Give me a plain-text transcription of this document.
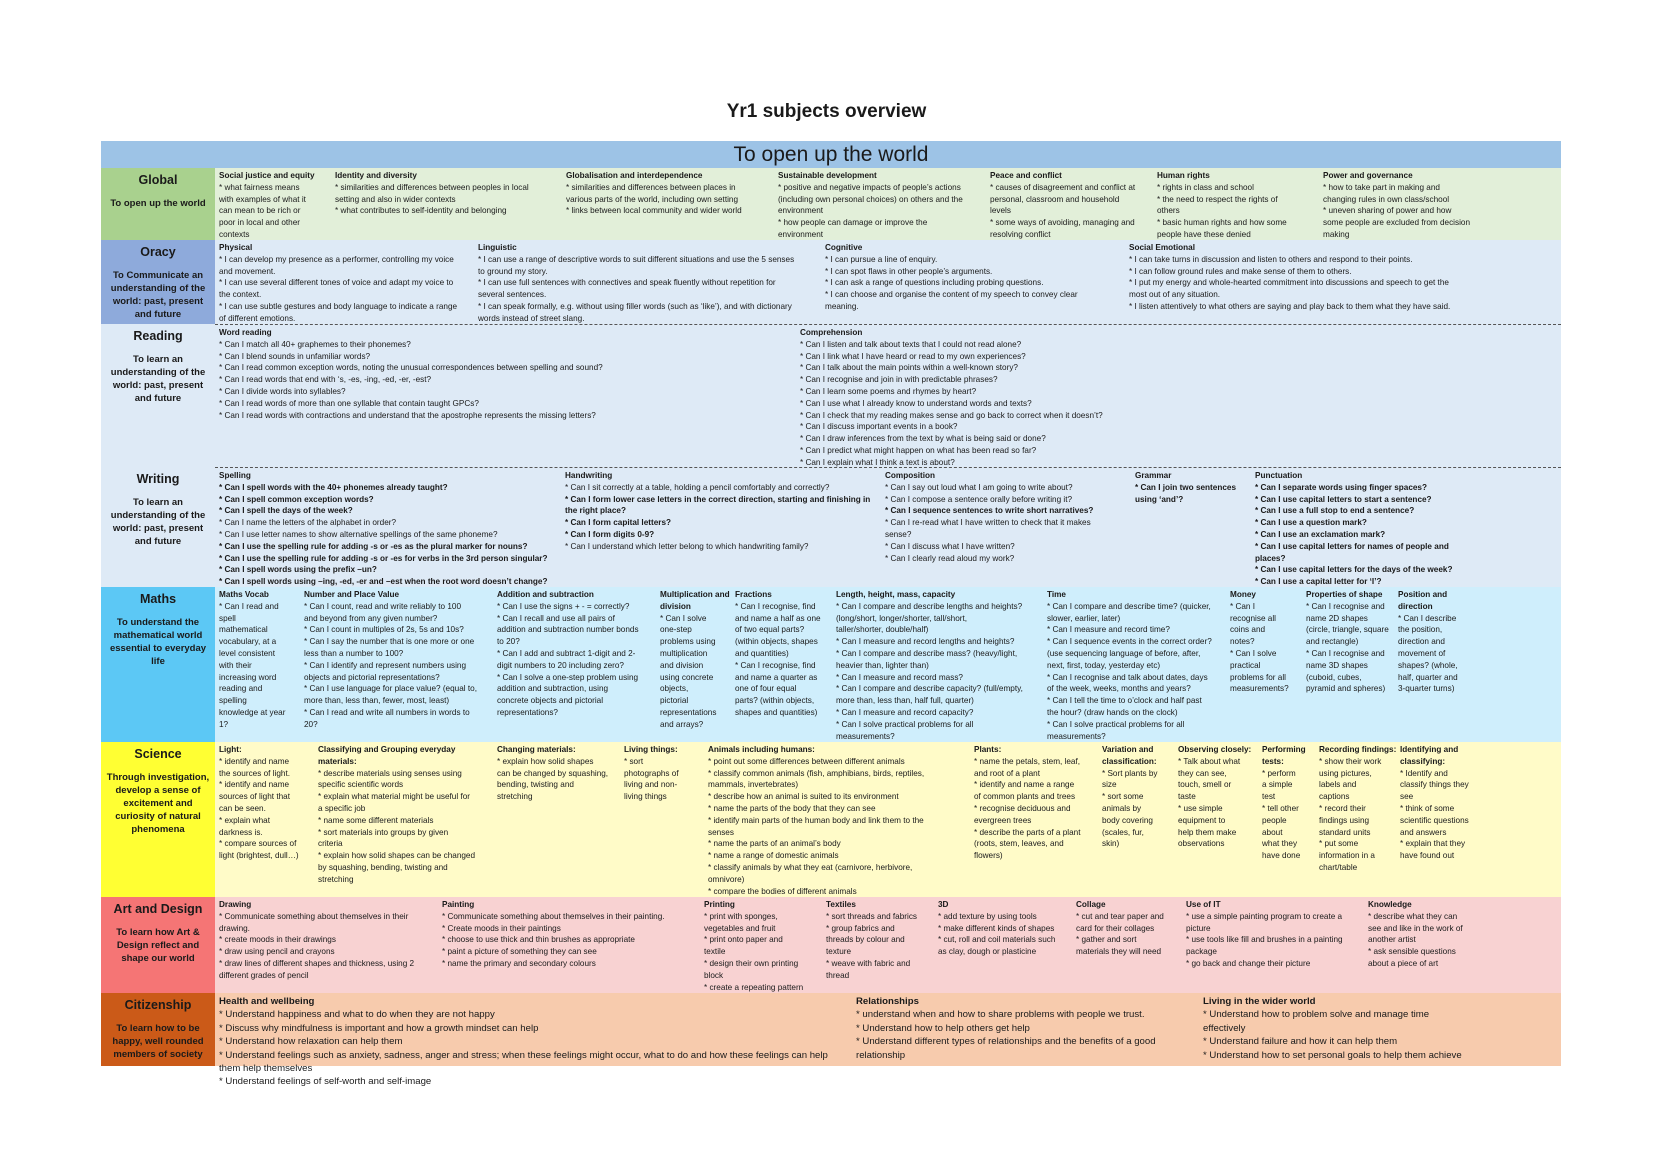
Yr1 subjects overview
To open up the world
Global
To open up the world
Social justice and equity
* what fairness means
with examples of what it
can mean to be rich or
poor in local and other
contexts
Identity and diversity
* similarities and differences between peoples in local
setting and also in wider contexts
* what contributes to self-identity and belonging
Globalisation and interdependence
* similarities and differences between places in
various parts of the world, including own setting
* links between local community and wider world
Sustainable development
* positive and negative impacts of people’s actions
(including own personal choices) on others and the
environment
* how people can damage or improve the
environment
Peace and conflict
* causes of disagreement and conflict at
personal, classroom and household
levels
* some ways of avoiding, managing and
resolving conflict
Human rights
* rights in class and school
* the need to respect the rights of
others
* basic human rights and how some
people have these denied
Power and governance
* how to take part in making and
changing rules in own class/school
* uneven sharing of power and how
some people are excluded from decision
making
Oracy
To Communicate an understanding of the world: past, present and future
Physical
* I can develop my presence as a performer, controlling my voice
and movement.
* I can use several different tones of voice and adapt my voice to
the context.
* I can use subtle gestures and body language to indicate a range
of different emotions.
Linguistic
* I can use a range of descriptive words to suit different situations and use the 5 senses
to ground my story.
* I can use full sentences with connectives and speak fluently without repetition for
several sentences.
* I can speak formally, e.g. without using filler words (such as ‘like’), and with dictionary
words instead of street slang.
Cognitive
* I can pursue a line of enquiry.
* I can spot flaws in other people’s arguments.
* I can ask a range of questions including probing questions.
* I can choose and organise the content of my speech to convey clear
meaning.
Social Emotional
* I can take turns in discussion and listen to others and respond to their points.
* I can follow ground rules and make sense of them to others.
* I put my energy and whole-hearted commitment into discussions and speech to get the
most out of any situation.
* I listen attentively to what others are saying and play back to them what they have said.
Reading
To learn an understanding of the world: past, present and future
Word reading
* Can I match all 40+ graphemes to their phonemes?
* Can I blend sounds in unfamiliar words?
* Can I read common exception words, noting the unusual correspondences between spelling and sound?
* Can I read words that end with ‘s, -es, -ing, -ed, -er, -est?
* Can I divide words into syllables?
* Can I read words of more than one syllable that contain taught GPCs?
* Can I read words with contractions and understand that the apostrophe represents the missing letters?
Comprehension
* Can I listen and talk about texts that I could not read alone?
* Can I link what I have heard or read to my own experiences?
* Can I talk about the main points within a well-known story?
* Can I recognise and join in with predictable phrases?
* Can I learn some poems and rhymes by heart?
* Can I use what I already know to understand words and texts?
* Can I check that my reading makes sense and go back to correct when it doesn’t?
* Can I discuss important events in a book?
* Can I draw inferences from the text by what is being said or done?
* Can I predict what might happen on what has been read so far?
* Can I explain what I think a text is about?
Writing
To learn an understanding of the world: past, present and future
Spelling
* Can I spell words with the 40+ phonemes already taught?
* Can I spell common exception words?
* Can I spell the days of the week?
* Can I name the letters of the alphabet in order?
* Can I use letter names to show alternative spellings of the same phoneme?
* Can I use the spelling rule for adding -s or -es as the plural marker for nouns?
* Can I use the spelling rule for adding -s or -es for verbs in the 3rd person singular?
* Can I spell words using the prefix –un?
* Can I spell words using –ing, -ed, -er and –est when the root word doesn’t change?
Handwriting
* Can I sit correctly at a table, holding a pencil comfortably and correctly?
* Can I form lower case letters in the correct direction, starting and finishing in
the right place?
* Can I form capital letters?
* Can I form digits 0-9?
* Can I understand which letter belong to which handwriting family?
Composition
* Can I say out loud what I am going to write about?
* Can I compose a sentence orally before writing it?
* Can I sequence sentences to write short narratives?
* Can I re-read what I have written to check that it makes
sense?
* Can I discuss what I have written?
* Can I clearly read aloud my work?
Grammar
* Can I join two sentences
using ‘and’?
Punctuation
* Can I separate words using finger spaces?
* Can I use capital letters to start a sentence?
* Can I use a full stop to end a sentence?
* Can I use a question mark?
* Can I use an exclamation mark?
* Can I use capital letters for names of people and
places?
* Can I use capital letters for the days of the week?
* Can I use a capital letter for ‘I’?
Maths
To understand the mathematical world essential to everyday life
Maths Vocab
* Can I read and
spell
mathematical
vocabulary, at a
level consistent
with their
increasing word
reading and
spelling
knowledge at year
1?
Number and Place Value
* Can I count, read and write reliably to 100
and beyond from any given number?
* Can I count in multiples of 2s, 5s and 10s?
* Can I say the number that is one more or one
less than a number to 100?
* Can I identify and represent numbers using
objects and pictorial representations?
* Can I use language for place value? (equal to,
more than, less than, fewer, most, least)
* Can I read and write all numbers in words to
20?
Addition and subtraction
* Can I use the signs + - = correctly?
* Can I recall and use all pairs of
addition and subtraction number bonds
to 20?
* Can I add and subtract 1-digit and 2-
digit numbers to 20 including zero?
* Can I solve a one-step problem using
addition and subtraction, using
concrete objects and pictorial
representations?
Multiplication and division
* Can I solve
one-step
problems using
multiplication
and division
using concrete
objects,
pictorial
representations
and arrays?
Fractions
* Can I recognise, find
and name a half as one
of two equal parts?
(within objects, shapes
and quantities)
* Can I recognise, find
and name a quarter as
one of four equal
parts? (within objects,
shapes and quantities)
Length, height, mass, capacity
* Can I compare and describe lengths and heights?
(long/short, longer/shorter, tall/short,
taller/shorter, double/half)
* Can I measure and record lengths and heights?
* Can I compare and describe mass? (heavy/light,
heavier than, lighter than)
* Can I measure and record mass?
* Can I compare and describe capacity? (full/empty,
more than, less than, half full, quarter)
* Can I measure and record capacity?
* Can I solve practical problems for all
measurements?
Time
* Can I compare and describe time? (quicker,
slower, earlier, later)
* Can I measure and record time?
* Can I sequence events in the correct order?
(use sequencing language of before, after,
next, first, today, yesterday etc)
* Can I recognise and talk about dates, days
of the week, weeks, months and years?
* Can I tell the time to o’clock and half past
the hour? (draw hands on the clock)
* Can I solve practical problems for all
measurements?
Money
* Can I
recognise all
coins and
notes?
* Can I solve
practical
problems for all
measurements?
Properties of shape
* Can I recognise and
name 2D shapes
(circle, triangle, square
and rectangle)
* Can I recognise and
name 3D shapes
(cuboid, cubes,
pyramid and spheres)
Position and direction
* Can I describe
the position,
direction and
movement of
shapes? (whole,
half, quarter and
3-quarter turns)
Science
Through investigation, develop a sense of excitement and curiosity of natural phenomena
Light:
* identify and name
the sources of light.
* identify and name
sources of light that
can be seen.
* explain what
darkness is.
* compare sources of
light (brightest, dull…)
Classifying and Grouping everyday materials:
* describe materials using senses using
specific scientific words
* explain what material might be useful for
a specific job
* name some different materials
* sort materials into groups by given
criteria
* explain how solid shapes can be changed
by squashing, bending, twisting and
stretching
Changing materials:
* explain how solid shapes
can be changed by squashing,
bending, twisting and
stretching
Living things:
* sort
photographs of
living and non-
living things
Animals including humans:
* point out some differences between different animals
* classify common animals (fish, amphibians, birds, reptiles,
mammals, invertebrates)
* describe how an animal is suited to its environment
* name the parts of the body that they can see
* identify main parts of the human body and link them to the
senses
* name the parts of an animal’s body
* name a range of domestic animals
* classify animals by what they eat (carnivore, herbivore,
omnivore)
* compare the bodies of different animals
Plants:
* name the petals, stem, leaf,
and root of a plant
* identify and name a range
of common plants and trees
* recognise deciduous and
evergreen trees
* describe the parts of a plant
(roots, stem, leaves, and
flowers)
Variation and classification:
* Sort plants by
size
* sort some
animals by
body covering
(scales, fur,
skin)
Observing closely:
* Talk about what
they can see,
touch, smell or
taste
* use simple
equipment to
help them make
observations
Performing tests:
* perform
a simple
test
* tell other
people
about
what they
have done
Recording findings:
* show their work
using pictures,
labels and
captions
* record their
findings using
standard units
* put some
information in a
chart/table
Identifying and classifying:
* Identify and
classify things they
see
* think of some
scientific questions
and answers
* explain that they
have found out
Art and Design
To learn how Art & Design reflect and shape our world
Drawing
* Communicate something about themselves in their
drawing.
* create moods in their drawings
* draw using pencil and crayons
* draw lines of different shapes and thickness, using 2
different grades of pencil
Painting
* Communicate something about themselves in their painting.
* Create moods in their paintings
* choose to use thick and thin brushes as appropriate
* paint a picture of something they can see
* name the primary and secondary colours
Printing
* print with sponges,
vegetables and fruit
* print onto paper and
textile
* design their own printing
block
* create a repeating pattern
Textiles
* sort threads and fabrics
* group fabrics and
threads by colour and
texture
* weave with fabric and
thread
3D
* add texture by using tools
* make different kinds of shapes
* cut, roll and coil materials such
as clay, dough or plasticine
Collage
* cut and tear paper and
card for their collages
* gather and sort
materials they will need
Use of IT
* use a simple painting program to create a
picture
* use tools like fill and brushes in a painting
package
* go back and change their picture
Knowledge
* describe what they can
see and like in the work of
another artist
* ask sensible questions
about a piece of art
Citizenship
To learn how to be happy, well rounded members of society
Health and wellbeing
* Understand happiness and what to do when they are not happy
* Discuss why mindfulness is important and how a growth mindset can help
* Understand how relaxation can help them
* Understand feelings such as anxiety, sadness, anger and stress; when these feelings might occur, what to do and how these feelings can help them help themselves
* Understand feelings of self-worth and self-image
Relationships
* understand when and how to share problems with people we trust.
* Understand how to help others get help
* Understand different types of relationships and the benefits of a good
relationship
Living in the wider world
* Understand how to problem solve and manage time
effectively
* Understand failure and how it can help them
* Understand how to set personal goals to help them achieve
